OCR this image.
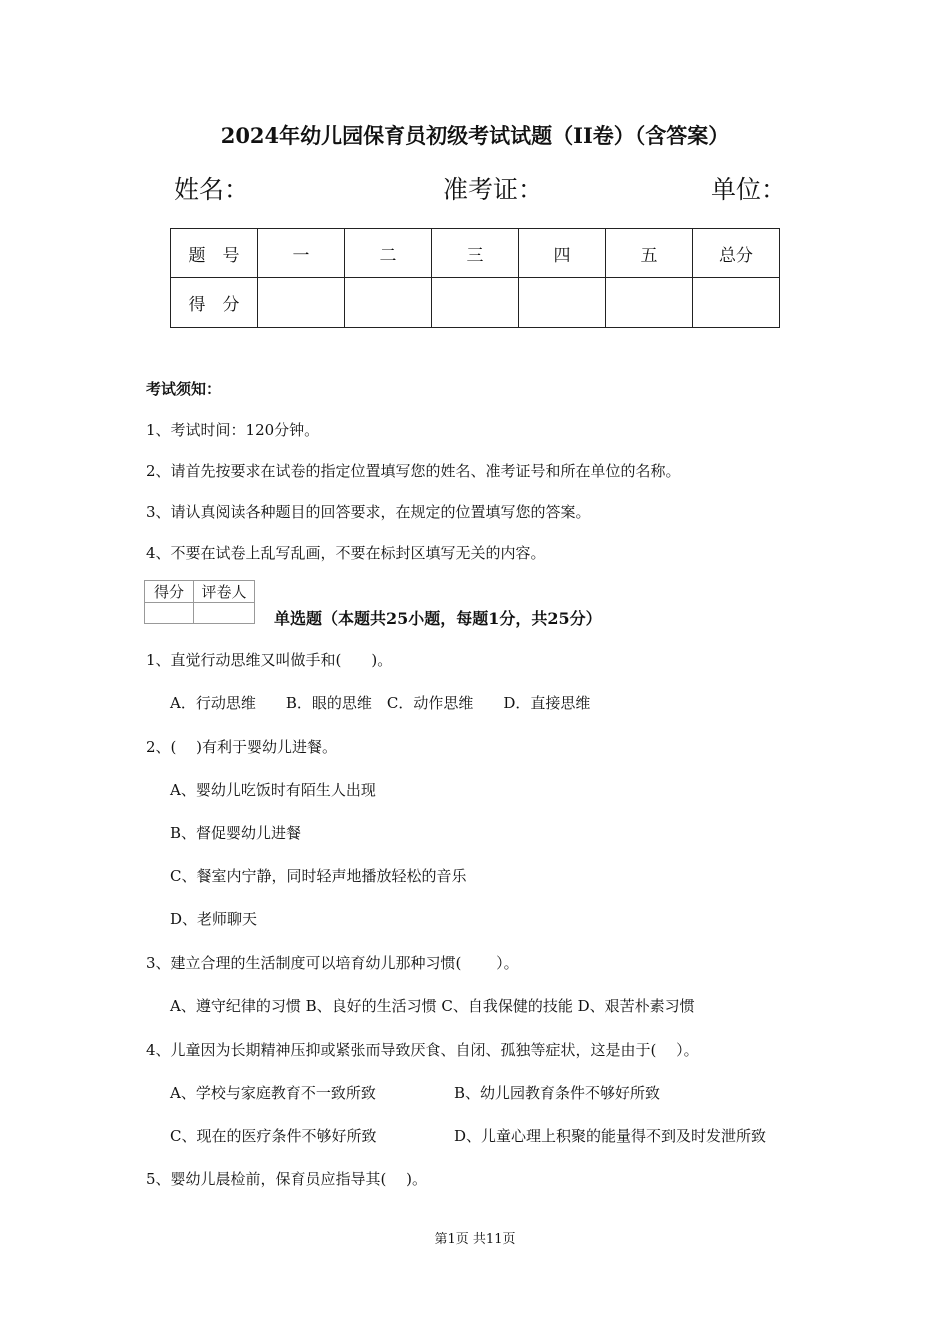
2024年幼儿园保育员初级考试试题（II卷）（含答案）
姓名：	准考证：	单位：
题　号	一	二	三	四	五	总分
得　分						
考试须知：
1、考试时间：120分钟。
2、请首先按要求在试卷的指定位置填写您的姓名、准考证号和所在单位的名称。
3、请认真阅读各种题目的回答要求，在规定的位置填写您的答案。
4、不要在试卷上乱写乱画，不要在标封区填写无关的内容。
得分	评卷人

单选题（本题共25小题，每题1分，共25分）
1、直觉行动思维又叫做手和(　　)。
A．行动思维　　B．眼的思维　C．动作思维　　D．直接思维
2、(　 )有利于婴幼儿进餐。
A、婴幼儿吃饭时有陌生人出现
B、督促婴幼儿进餐
C、餐室内宁静，同时轻声地播放轻松的音乐
D、老师聊天
3、建立合理的生活制度可以培育幼儿那种习惯(　　 ）。
A、遵守纪律的习惯 B、良好的生活习惯 C、自我保健的技能 D、艰苦朴素习惯
4、儿童因为长期精神压抑或紧张而导致厌食、自闭、孤独等症状，这是由于(　 ）。
A、学校与家庭教育不一致所致	B、幼儿园教育条件不够好所致
C、现在的医疗条件不够好所致	D、儿童心理上积聚的能量得不到及时发泄所致
5、婴幼儿晨检前，保育员应指导其(　 )。
第1页 共11页
